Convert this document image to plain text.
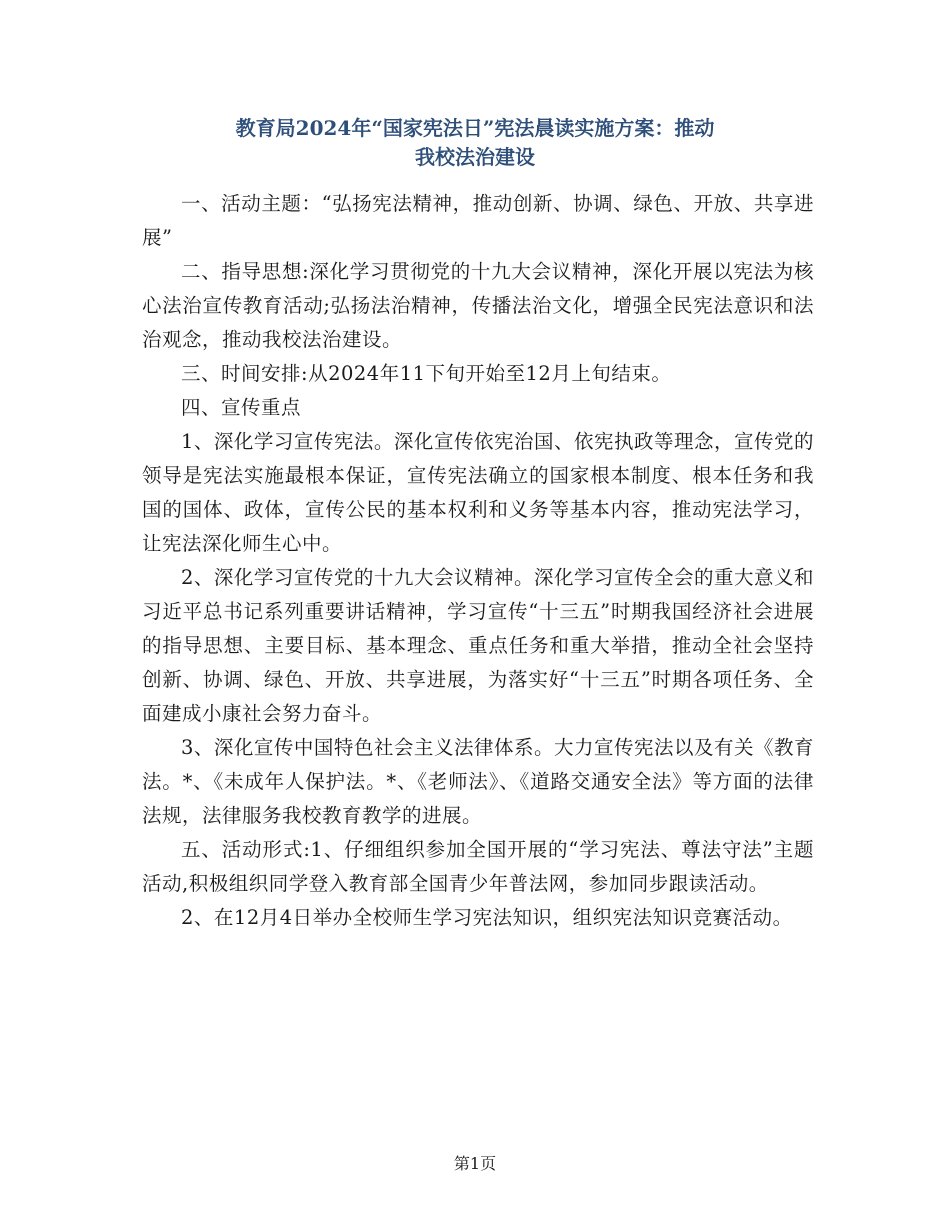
教育局2024年“国家宪法日”宪法晨读实施方案：推动
我校法治建设

一、活动主题：“弘扬宪法精神，推动创新、协调、绿色、开放、共享进展”

二、指导思想:深化学习贯彻党的十九大会议精神，深化开展以宪法为核心法治宣传教育活动;弘扬法治精神，传播法治文化，增强全民宪法意识和法治观念，推动我校法治建设。

三、时间安排:从2024年11下旬开始至12月上旬结束。

四、宣传重点

1、深化学习宣传宪法。深化宣传依宪治国、依宪执政等理念，宣传党的领导是宪法实施最根本保证，宣传宪法确立的国家根本制度、根本任务和我国的国体、政体，宣传公民的基本权利和义务等基本内容，推动宪法学习，让宪法深化师生心中。

2、深化学习宣传党的十九大会议精神。深化学习宣传全会的重大意义和习近平总书记系列重要讲话精神，学习宣传“十三五”时期我国经济社会进展的指导思想、主要目标、基本理念、重点任务和重大举措，推动全社会坚持创新、协调、绿色、开放、共享进展，为落实好“十三五”时期各项任务、全面建成小康社会努力奋斗。

3、深化宣传中国特色社会主义法律体系。大力宣传宪法以及有关《教育法。*、《未成年人保护法。*、《老师法》、《道路交通安全法》等方面的法律法规，法律服务我校教育教学的进展。

五、活动形式:1、仔细组织参加全国开展的“学习宪法、尊法守法”主题活动,积极组织同学登入教育部全国青少年普法网，参加同步跟读活动。

2、在12月4日举办全校师生学习宪法知识，组织宪法知识竞赛活动。

第1页
